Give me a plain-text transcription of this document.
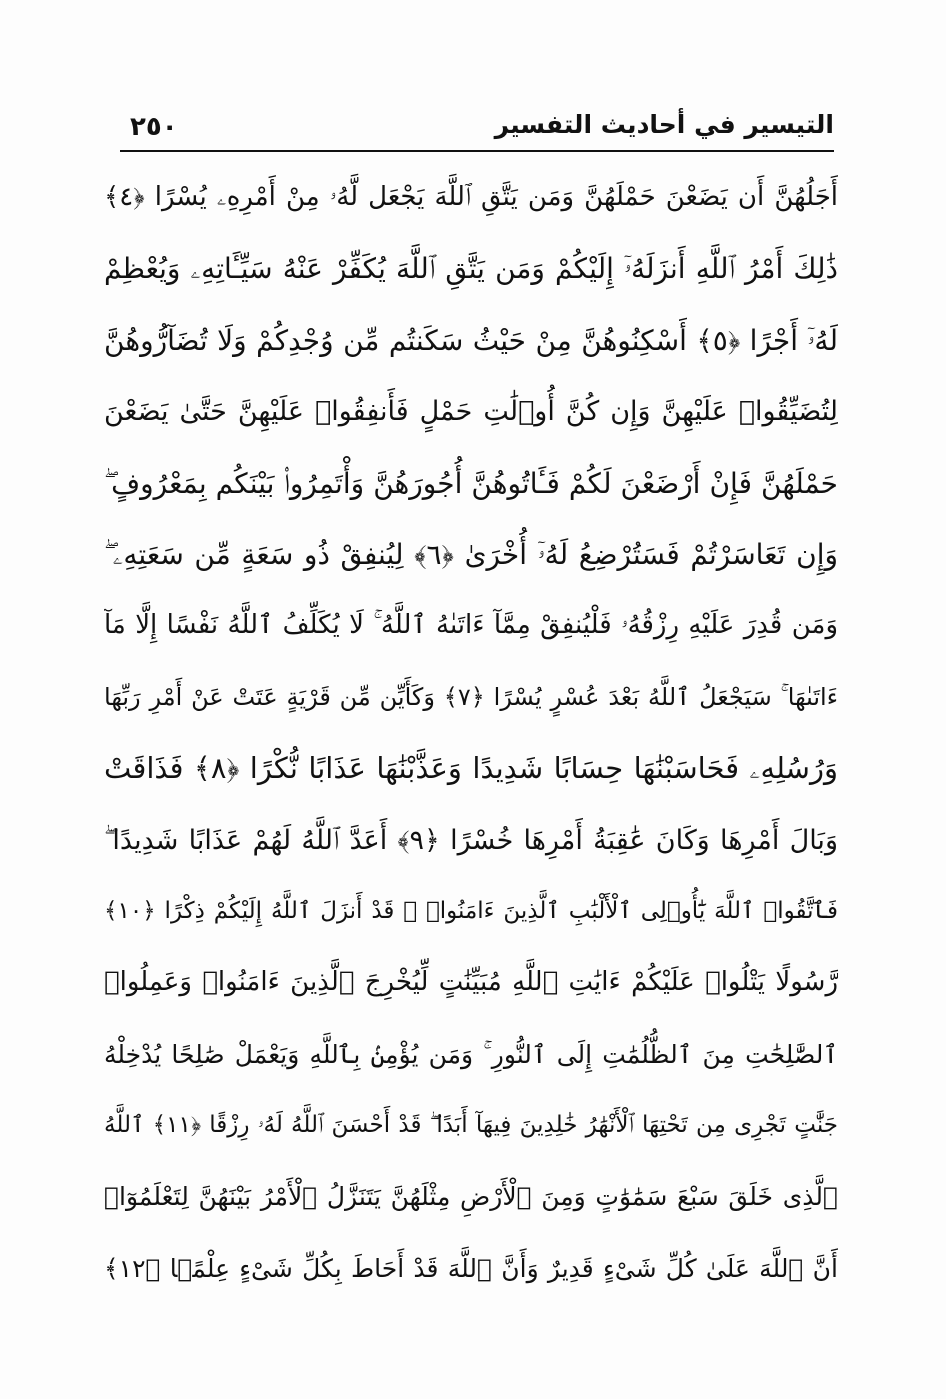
٢٥٠	التيسير في أحاديث التفسير
أَجَلُهُنَّ أَن يَضَعْنَ حَمْلَهُنَّ وَمَن يَتَّقِ ٱللَّهَ يَجْعَل لَّهُۥ مِنْ أَمْرِهِۦ يُسْرًا ﴿٤﴾
ذَٰلِكَ أَمْرُ ٱللَّهِ أَنزَلَهُۥٓ إِلَيْكُمْ وَمَن يَتَّقِ ٱللَّهَ يُكَفِّرْ عَنْهُ سَيِّـَٔاتِهِۦ وَيُعْظِمْ
لَهُۥٓ أَجْرًا ﴿٥﴾ أَسْكِنُوهُنَّ مِنْ حَيْثُ سَكَنتُم مِّن وُجْدِكُمْ وَلَا تُضَآرُّوهُنَّ
لِتُضَيِّقُوا۟ عَلَيْهِنَّ وَإِن كُنَّ أُو۟لَٰتِ حَمْلٍ فَأَنفِقُوا۟ عَلَيْهِنَّ حَتَّىٰ يَضَعْنَ
حَمْلَهُنَّ فَإِنْ أَرْضَعْنَ لَكُمْ فَـَٔاتُوهُنَّ أُجُورَهُنَّ وَأْتَمِرُوا۟ بَيْنَكُم بِمَعْرُوفٍ ۖ
وَإِن تَعَاسَرْتُمْ فَسَتُرْضِعُ لَهُۥٓ أُخْرَىٰ ﴿٦﴾ لِيُنفِقْ ذُو سَعَةٍ مِّن سَعَتِهِۦ ۖ
وَمَن قُدِرَ عَلَيْهِ رِزْقُهُۥ فَلْيُنفِقْ مِمَّآ ءَاتَىٰهُ ٱللَّهُ ۚ لَا يُكَلِّفُ ٱللَّهُ نَفْسًا إِلَّا مَآ
ءَاتَىٰهَا ۚ سَيَجْعَلُ ٱللَّهُ بَعْدَ عُسْرٍ يُسْرًا ﴿٧﴾ وَكَأَيِّن مِّن قَرْيَةٍ عَتَتْ عَنْ أَمْرِ رَبِّهَا
وَرُسُلِهِۦ فَحَاسَبْنَٰهَا حِسَابًا شَدِيدًا وَعَذَّبْنَٰهَا عَذَابًا نُّكْرًا ﴿٨﴾ فَذَاقَتْ
وَبَالَ أَمْرِهَا وَكَانَ عَٰقِبَةُ أَمْرِهَا خُسْرًا ﴿٩﴾ أَعَدَّ ٱللَّهُ لَهُمْ عَذَابًا شَدِيدًا ۖ
فَٱتَّقُوا۟ ٱللَّهَ يَٰٓأُو۟لِى ٱلْأَلْبَٰبِ ٱلَّذِينَ ءَامَنُوا۟ ۚ قَدْ أَنزَلَ ٱللَّهُ إِلَيْكُمْ ذِكْرًا ﴿١٠﴾
رَّسُولًا يَتْلُوا۟ عَلَيْكُمْ ءَايَٰتِ ٱللَّهِ مُبَيِّنَٰتٍ لِّيُخْرِجَ ٱلَّذِينَ ءَامَنُوا۟ وَعَمِلُوا۟
ٱلصَّٰلِحَٰتِ مِنَ ٱلظُّلُمَٰتِ إِلَى ٱلنُّورِ ۚ وَمَن يُؤْمِنۢ بِٱللَّهِ وَيَعْمَلْ صَٰلِحًا يُدْخِلْهُ
جَنَّٰتٍ تَجْرِى مِن تَحْتِهَا ٱلْأَنْهَٰرُ خَٰلِدِينَ فِيهَآ أَبَدًا ۖ قَدْ أَحْسَنَ ٱللَّهُ لَهُۥ رِزْقًا ﴿١١﴾ ٱللَّهُ
ٱلَّذِى خَلَقَ سَبْعَ سَمَٰوَٰتٍ وَمِنَ ٱلْأَرْضِ مِثْلَهُنَّ يَتَنَزَّلُ ٱلْأَمْرُ بَيْنَهُنَّ لِتَعْلَمُوٓا۟
أَنَّ ٱللَّهَ عَلَىٰ كُلِّ شَىْءٍ قَدِيرٌ وَأَنَّ ٱللَّهَ قَدْ أَحَاطَ بِكُلِّ شَىْءٍ عِلْمًۢا ﴿١٢﴾
